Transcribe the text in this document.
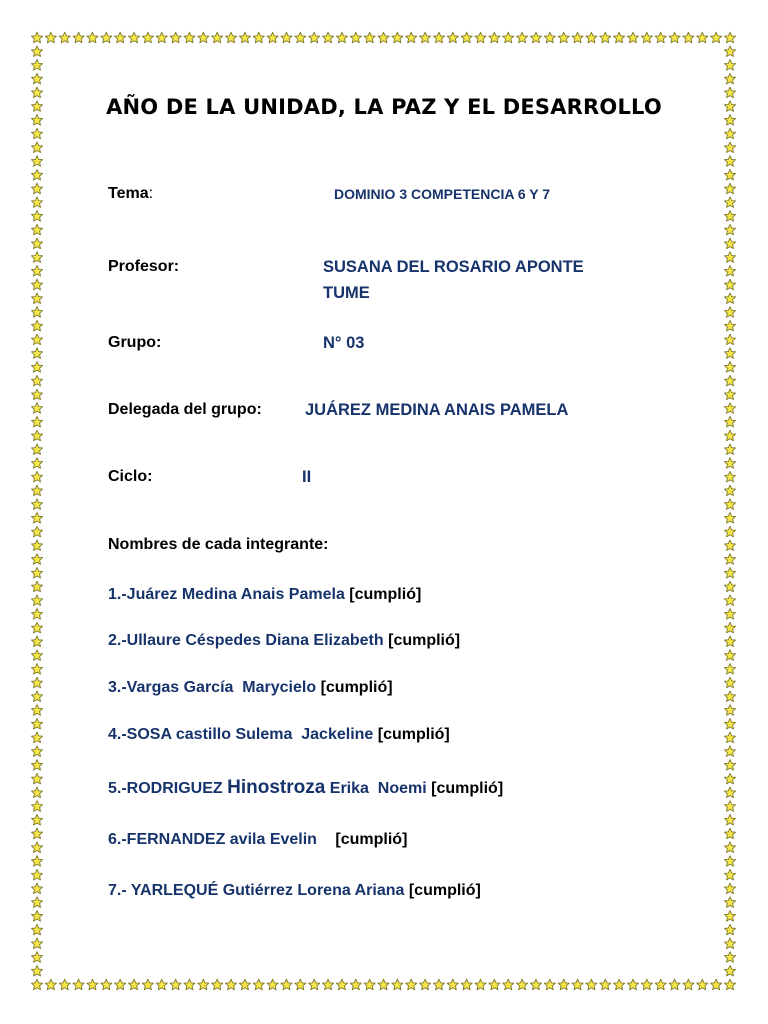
AÑO DE LA UNIDAD, LA PAZ Y EL DESARROLLO
Tema:	DOMINIO 3 COMPETENCIA 6 Y 7
Profesor:	SUSANA DEL ROSARIO APONTE
TUME
Grupo:	N° 03
Delegada del grupo:	JUÁREZ MEDINA ANAIS PAMELA
Ciclo:	II
Nombres de cada integrante:
1.-Juárez Medina Anais Pamela [cumplió]
2.-Ullaure Céspedes Diana Elizabeth [cumplió]
3.-Vargas García  Marycielo [cumplió]
4.-SOSA castillo Sulema  Jackeline [cumplió]
5.-RODRIGUEZ Hinostroza Erika  Noemi [cumplió]
6.-FERNANDEZ avila Evelin [cumplió]
7.- YARLEQUÉ Gutiérrez Lorena Ariana [cumplió]
